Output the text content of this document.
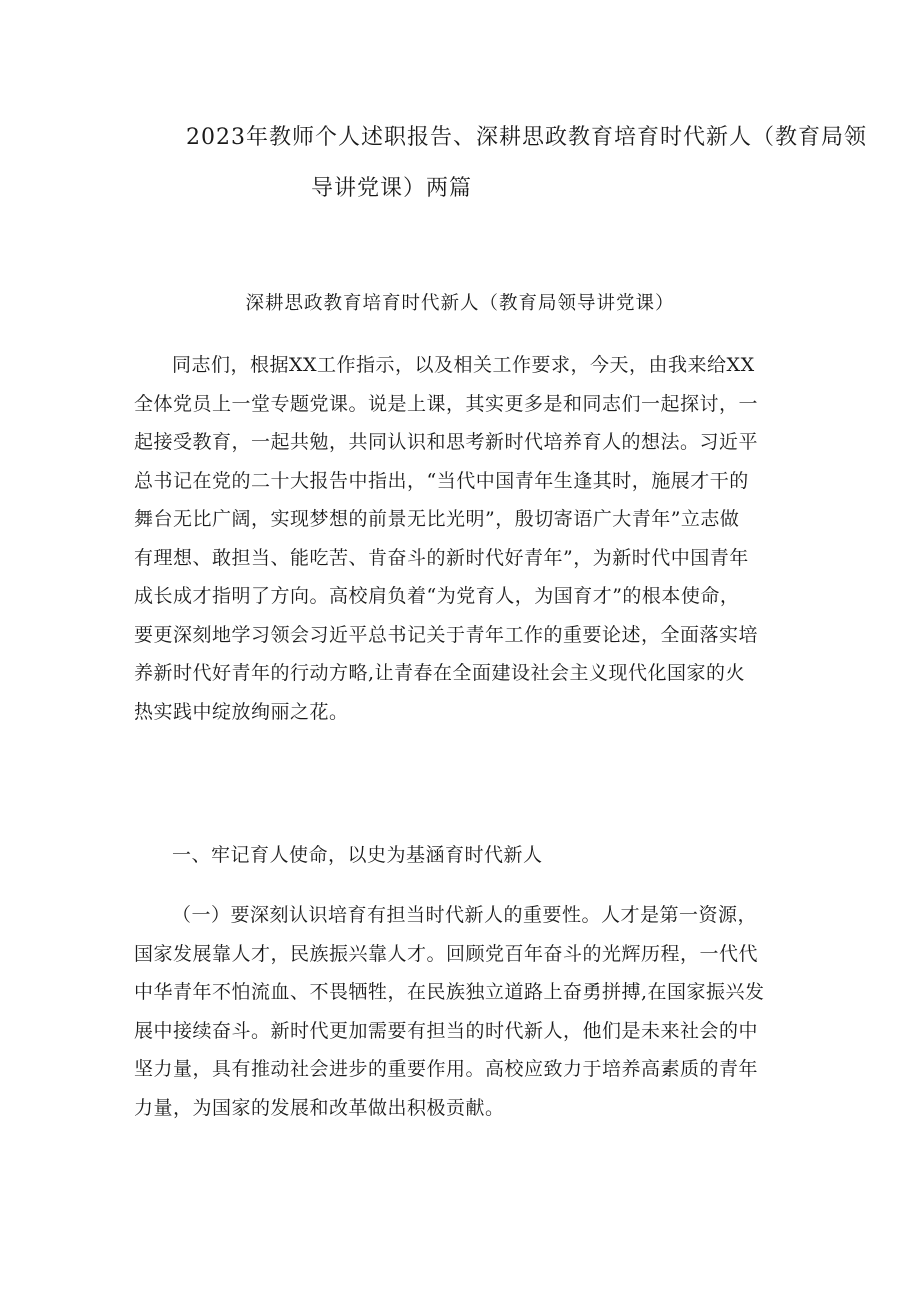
2023年教师个人述职报告、深耕思政教育培育时代新人（教育局领
导讲党课）两篇
深耕思政教育培育时代新人（教育局领导讲党课）
同志们，根据XX工作指示，以及相关工作要求，今天，由我来给XX
全体党员上一堂专题党课。说是上课，其实更多是和同志们一起探讨，一
起接受教育，一起共勉，共同认识和思考新时代培养育人的想法。习近平
总书记在党的二十大报告中指出，“当代中国青年生逢其时，施展才干的
舞台无比广阔，实现梦想的前景无比光明”，殷切寄语广大青年”立志做
有理想、敢担当、能吃苦、肯奋斗的新时代好青年”，为新时代中国青年
成长成才指明了方向。高校肩负着“为党育人，为国育才”的根本使命，
要更深刻地学习领会习近平总书记关于青年工作的重要论述，全面落实培
养新时代好青年的行动方略,让青春在全面建设社会主义现代化国家的火
热实践中绽放绚丽之花。
一、牢记育人使命，以史为基涵育时代新人
（一）要深刻认识培育有担当时代新人的重要性。人才是第一资源，
国家发展靠人才，民族振兴靠人才。回顾党百年奋斗的光辉历程，一代代
中华青年不怕流血、不畏牺牲，在民族独立道路上奋勇拼搏,在国家振兴发
展中接续奋斗。新时代更加需要有担当的时代新人，他们是未来社会的中
坚力量，具有推动社会进步的重要作用。高校应致力于培养高素质的青年
力量，为国家的发展和改革做出积极贡献。
